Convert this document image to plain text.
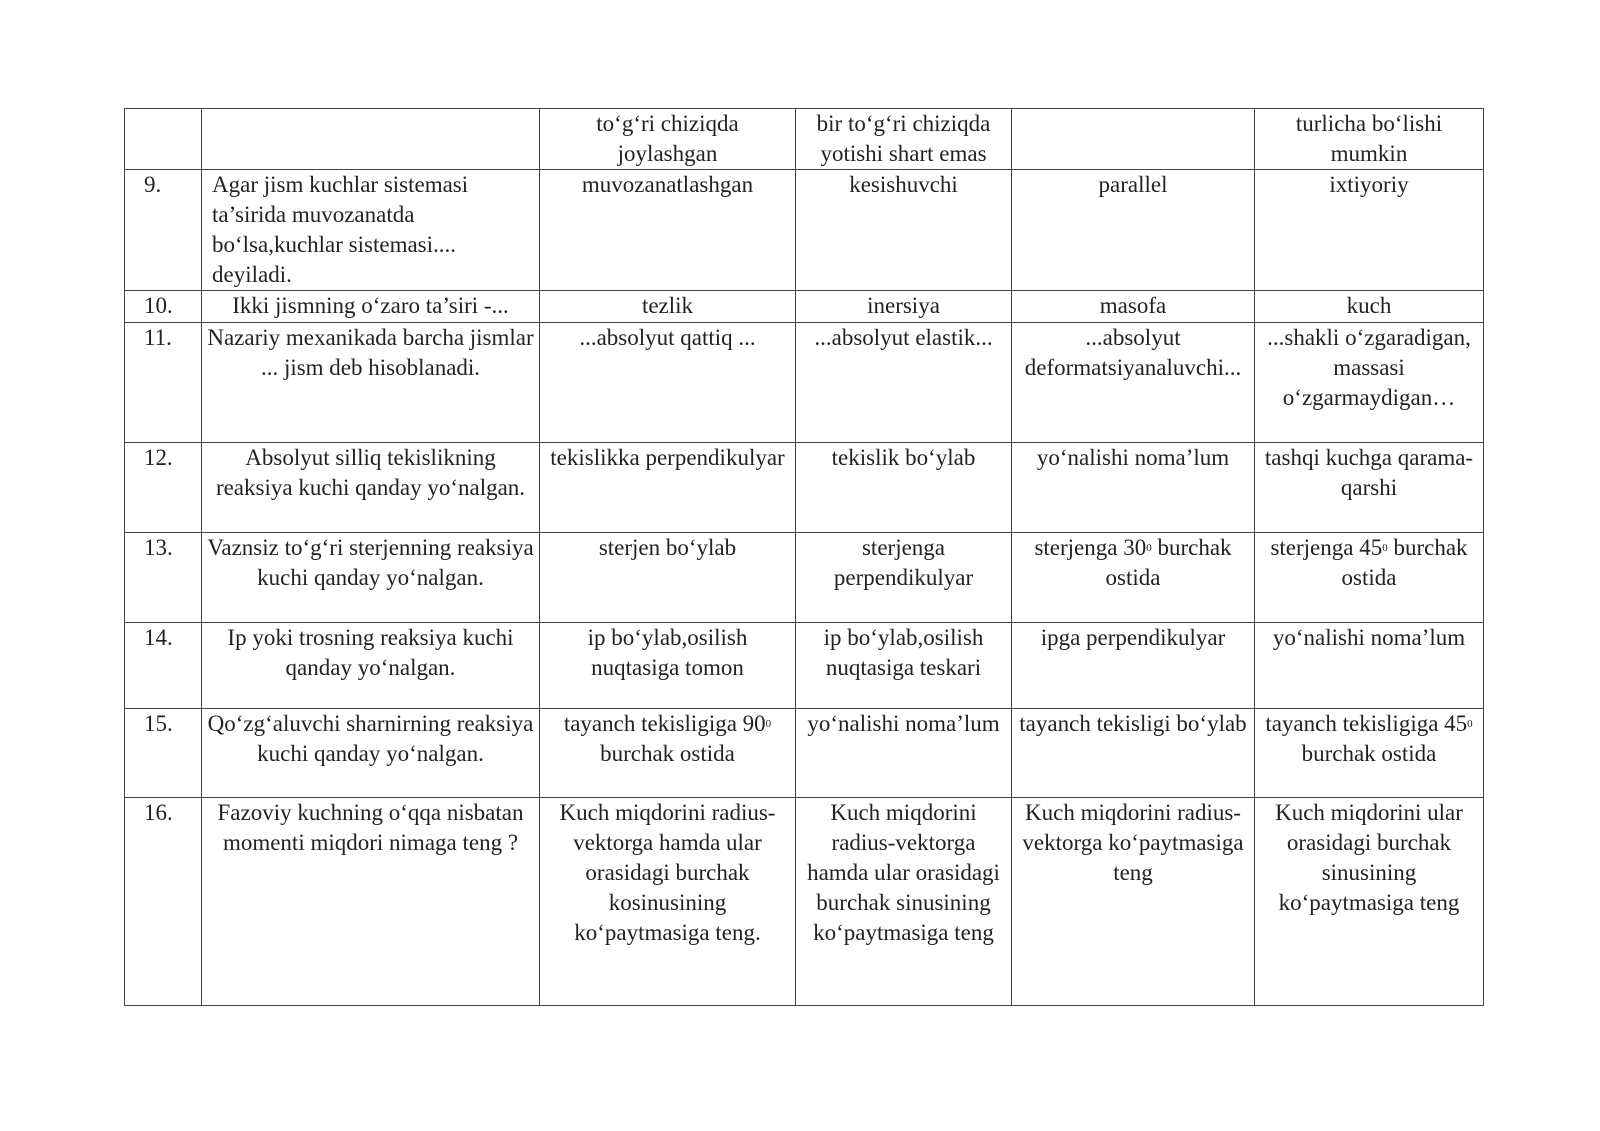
		to‘g‘ri chiziqda joylashgan	bir to‘g‘ri chiziqda yotishi shart emas		turlicha bo‘lishi mumkin
9.	Agar jism kuchlar sistemasi ta’sirida muvozanatda bo‘lsa,kuchlar sistemasi.... deyiladi.	muvozanatlashgan	kesishuvchi	parallel	ixtiyoriy
10.	Ikki jismning o‘zaro ta’siri -...	tezlik	inersiya	masofa	kuch
11.	Nazariy mexanikada barcha jismlar ... jism deb hisoblanadi.	...absolyut qattiq ...	...absolyut elastik...	...absolyut deformatsiyanaluvchi...	...shakli o‘zgaradigan, massasi o‘zgarmaydigan…
12.	Absolyut silliq tekislikning reaksiya kuchi qanday yo‘nalgan.	tekislikka perpendikulyar	tekislik bo‘ylab	yo‘nalishi noma’lum	tashqi kuchga qarama-qarshi
13.	Vaznsiz to‘g‘ri sterjenning reaksiya kuchi qanday yo‘nalgan.	sterjen bo‘ylab	sterjenga perpendikulyar	sterjenga $30^0$ burchak ostida	sterjenga $45^0$ burchak ostida
14.	Ip yoki trosning reaksiya kuchi qanday yo‘nalgan.	ip bo‘ylab,osilish nuqtasiga tomon	ip bo‘ylab,osilish nuqtasiga teskari	ipga perpendikulyar	yo‘nalishi noma’lum
15.	Qo‘zg‘aluvchi sharnirning reaksiya kuchi qanday yo‘nalgan.	tayanch tekisligiga $90^0$ burchak ostida	yo‘nalishi noma’lum	tayanch tekisligi bo‘ylab	tayanch tekisligiga $45^0$ burchak ostida
16.	Fazoviy kuchning o‘qqa nisbatan momenti miqdori nimaga teng ?	Kuch miqdorini radius-vektorga hamda ular orasidagi burchak kosinusining ko‘paytmasiga teng.	Kuch miqdorini radius-vektorga hamda ular orasidagi burchak sinusining ko‘paytmasiga teng	Kuch miqdorini radius-vektorga ko‘paytmasiga teng	Kuch miqdorini ular orasidagi burchak sinusining ko‘paytmasiga teng
